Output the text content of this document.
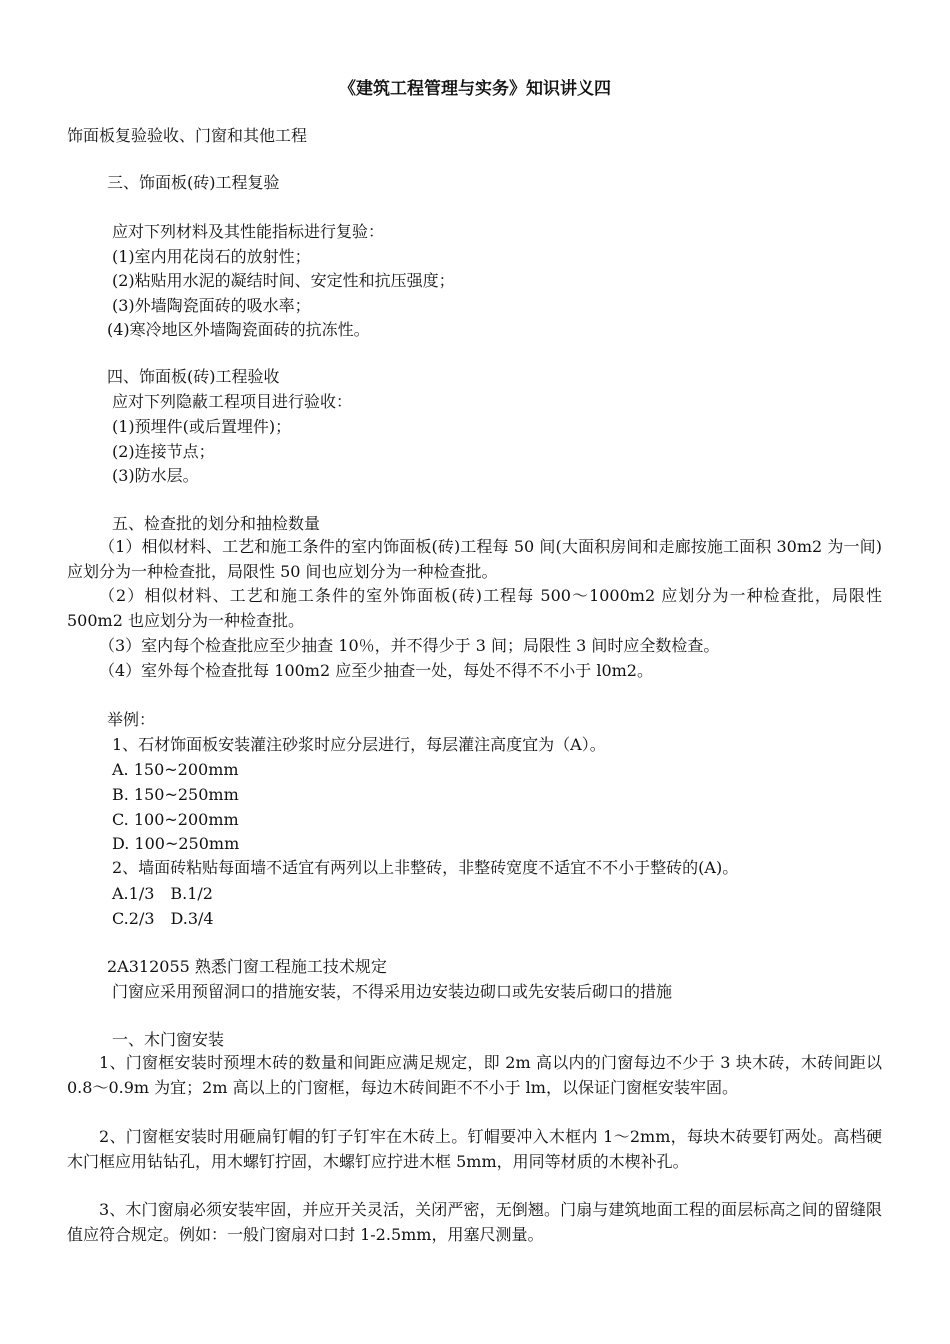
《建筑工程管理与实务》知识讲义四
饰面板复验验收、门窗和其他工程
三、饰面板(砖)工程复验
应对下列材料及其性能指标进行复验：
(1)室内用花岗石的放射性；
(2)粘贴用水泥的凝结时间、安定性和抗压强度；
(3)外墙陶瓷面砖的吸水率；
(4)寒冷地区外墙陶瓷面砖的抗冻性。
四、饰面板(砖)工程验收
应对下列隐蔽工程项目进行验收：
(1)预埋件(或后置埋件)；
(2)连接节点；
(3)防水层。
五、检查批的划分和抽检数量
（1）相似材料、工艺和施工条件的室内饰面板(砖)工程每 50 间(大面积房间和走廊按施工面积 30m2 为一间)应划分为一种检查批，局限性 50 间也应划分为一种检查批。
（2）相似材料、工艺和施工条件的室外饰面板(砖)工程每 500～1000m2 应划分为一种检查批，局限性 500m2 也应划分为一种检查批。
（3）室内每个检查批应至少抽查 10％，并不得少于 3 间；局限性 3 间时应全数检查。
（4）室外每个检查批每 100m2 应至少抽查一处，每处不得不不小于 l0m2。
举例：
1、石材饰面板安装灌注砂浆时应分层进行，每层灌注高度宜为（A）。
A. 150~200mm
B. 150~250mm
C. 100~200mm
D. 100~250mm
2、墙面砖粘贴每面墙不适宜有两列以上非整砖，非整砖宽度不适宜不不小于整砖的(A)。
A.1/3　B.1/2
C.2/3　D.3/4
2A312055 熟悉门窗工程施工技术规定
门窗应采用预留洞口的措施安装，不得采用边安装边砌口或先安装后砌口的措施
一、木门窗安装
1、门窗框安装时预埋木砖的数量和间距应满足规定，即 2m 高以内的门窗每边不少于 3 块木砖，木砖间距以 0.8～0.9m 为宜；2m 高以上的门窗框，每边木砖间距不不小于 lm，以保证门窗框安装牢固。
2、门窗框安装时用砸扁钉帽的钉子钉牢在木砖上。钉帽要冲入木框内 1～2mm，每块木砖要钉两处。高档硬木门框应用钻钻孔，用木螺钉拧固，木螺钉应拧进木框 5mm，用同等材质的木楔补孔。
3、木门窗扇必须安装牢固，并应开关灵活，关闭严密，无倒翘。门扇与建筑地面工程的面层标高之间的留缝限值应符合规定。例如：一般门窗扇对口封 1-2.5mm，用塞尺测量。
